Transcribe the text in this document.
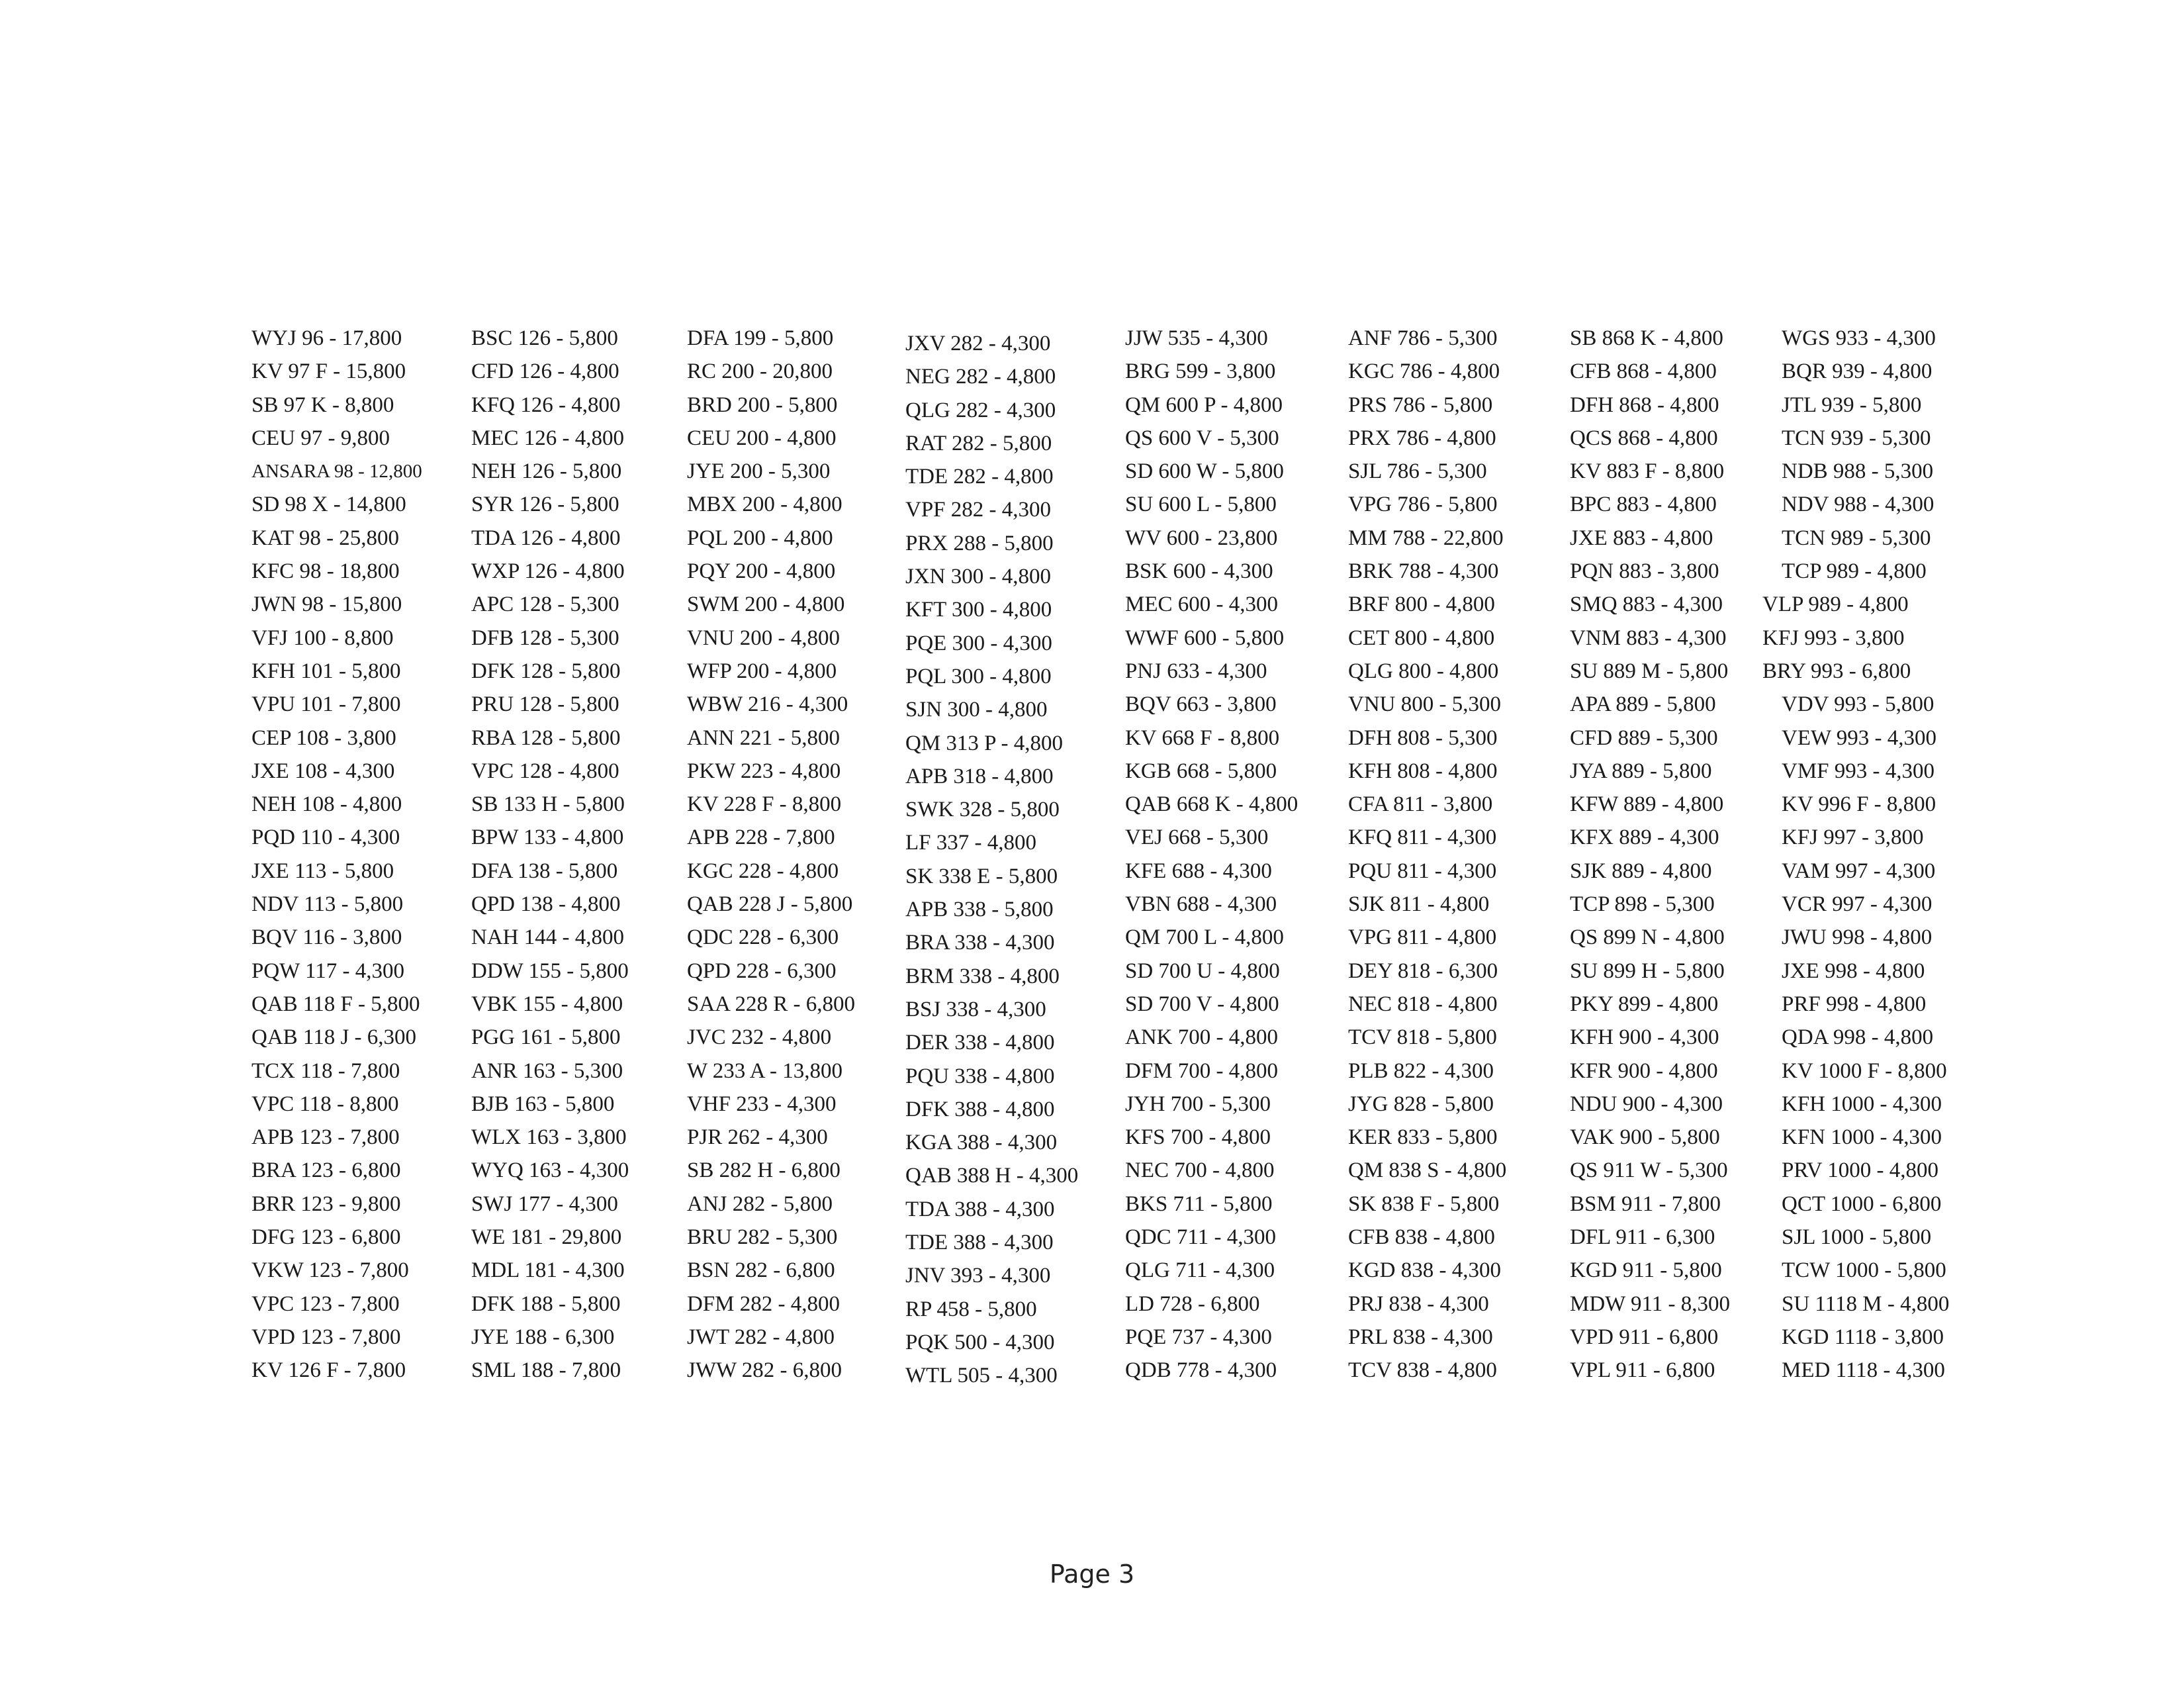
WYJ 96 - 17,800
KV 97 F - 15,800
SB 97 K - 8,800
CEU 97 - 9,800
ANSARA 98 - 12,800
SD 98 X - 14,800
KAT 98 - 25,800
KFC 98 - 18,800
JWN 98 - 15,800
VFJ 100 - 8,800
KFH 101 - 5,800
VPU 101 - 7,800
CEP 108 - 3,800
JXE 108 - 4,300
NEH 108 - 4,800
PQD 110 - 4,300
JXE 113 - 5,800
NDV 113 - 5,800
BQV 116 - 3,800
PQW 117 - 4,300
QAB 118 F - 5,800
QAB 118 J - 6,300
TCX 118 - 7,800
VPC 118 - 8,800
APB 123 - 7,800
BRA 123 - 6,800
BRR 123 - 9,800
DFG 123 - 6,800
VKW 123 - 7,800
VPC 123 - 7,800
VPD 123 - 7,800
KV 126 F - 7,800
BSC 126 - 5,800
CFD 126 - 4,800
KFQ 126 - 4,800
MEC 126 - 4,800
NEH 126 - 5,800
SYR 126 - 5,800
TDA 126 - 4,800
WXP 126 - 4,800
APC 128 - 5,300
DFB 128 - 5,300
DFK 128 - 5,800
PRU 128 - 5,800
RBA 128 - 5,800
VPC 128 - 4,800
SB 133 H - 5,800
BPW 133 - 4,800
DFA 138 - 5,800
QPD 138 - 4,800
NAH 144 - 4,800
DDW 155 - 5,800
VBK 155 - 4,800
PGG 161 - 5,800
ANR 163 - 5,300
BJB 163 - 5,800
WLX 163 - 3,800
WYQ 163 - 4,300
SWJ 177 - 4,300
WE 181 - 29,800
MDL 181 - 4,300
DFK 188 - 5,800
JYE 188 - 6,300
SML 188 - 7,800
DFA 199 - 5,800
RC 200 - 20,800
BRD 200 - 5,800
CEU 200 - 4,800
JYE 200 - 5,300
MBX 200 - 4,800
PQL 200 - 4,800
PQY 200 - 4,800
SWM 200 - 4,800
VNU 200 - 4,800
WFP 200 - 4,800
WBW 216 - 4,300
ANN 221 - 5,800
PKW 223 - 4,800
KV 228 F - 8,800
APB 228 - 7,800
KGC 228 - 4,800
QAB 228 J - 5,800
QDC 228 - 6,300
QPD 228 - 6,300
SAA 228 R - 6,800
JVC 232 - 4,800
W 233 A - 13,800
VHF 233 - 4,300
PJR 262 - 4,300
SB 282 H - 6,800
ANJ 282 - 5,800
BRU 282 - 5,300
BSN 282 - 6,800
DFM 282 - 4,800
JWT 282 - 4,800
JWW 282 - 6,800
JXV 282 - 4,300
NEG 282 - 4,800
QLG 282 - 4,300
RAT 282 - 5,800
TDE 282 - 4,800
VPF 282 - 4,300
PRX 288 - 5,800
JXN 300 - 4,800
KFT 300 - 4,800
PQE 300 - 4,300
PQL 300 - 4,800
SJN 300 - 4,800
QM 313 P - 4,800
APB 318 - 4,800
SWK 328 - 5,800
LF 337 - 4,800
SK 338 E - 5,800
APB 338 - 5,800
BRA 338 - 4,300
BRM 338 - 4,800
BSJ 338 - 4,300
DER 338 - 4,800
PQU 338 - 4,800
DFK 388 - 4,800
KGA 388 - 4,300
QAB 388 H - 4,300
TDA 388 - 4,300
TDE 388 - 4,300
JNV 393 - 4,300
RP 458 - 5,800
PQK 500 - 4,300
WTL 505 - 4,300
JJW 535 - 4,300
BRG 599 - 3,800
QM 600 P - 4,800
QS 600 V - 5,300
SD 600 W - 5,800
SU 600 L - 5,800
WV 600 - 23,800
BSK 600 - 4,300
MEC 600 - 4,300
WWF 600 - 5,800
PNJ 633 - 4,300
BQV 663 - 3,800
KV 668 F - 8,800
KGB 668 - 5,800
QAB 668 K - 4,800
VEJ 668 - 5,300
KFE 688 - 4,300
VBN 688 - 4,300
QM 700 L - 4,800
SD 700 U - 4,800
SD 700 V - 4,800
ANK 700 - 4,800
DFM 700 - 4,800
JYH 700 - 5,300
KFS 700 - 4,800
NEC 700 - 4,800
BKS 711 - 5,800
QDC 711 - 4,300
QLG 711 - 4,300
LD 728 - 6,800
PQE 737 - 4,300
QDB 778 - 4,300
ANF 786 - 5,300
KGC 786 - 4,800
PRS 786 - 5,800
PRX 786 - 4,800
SJL 786 - 5,300
VPG 786 - 5,800
MM 788 - 22,800
BRK 788 - 4,300
BRF 800 - 4,800
CET 800 - 4,800
QLG 800 - 4,800
VNU 800 - 5,300
DFH 808 - 5,300
KFH 808 - 4,800
CFA 811 - 3,800
KFQ 811 - 4,300
PQU 811 - 4,300
SJK 811 - 4,800
VPG 811 - 4,800
DEY 818 - 6,300
NEC 818 - 4,800
TCV 818 - 5,800
PLB 822 - 4,300
JYG 828 - 5,800
KER 833 - 5,800
QM 838 S - 4,800
SK 838 F - 5,800
CFB 838 - 4,800
KGD 838 - 4,300
PRJ 838 - 4,300
PRL 838 - 4,300
TCV 838 - 4,800
SB 868 K - 4,800
CFB 868 - 4,800
DFH 868 - 4,800
QCS 868 - 4,800
KV 883 F - 8,800
BPC 883 - 4,800
JXE 883 - 4,800
PQN 883 - 3,800
SMQ 883 - 4,300
VNM 883 - 4,300
SU 889 M - 5,800
APA 889 - 5,800
CFD 889 - 5,300
JYA 889 - 5,800
KFW 889 - 4,800
KFX 889 - 4,300
SJK 889 - 4,800
TCP 898 - 5,300
QS 899 N - 4,800
SU 899 H - 5,800
PKY 899 - 4,800
KFH 900 - 4,300
KFR 900 - 4,800
NDU 900 - 4,300
VAK 900 - 5,800
QS 911 W - 5,300
BSM 911 - 7,800
DFL 911 - 6,300
KGD 911 - 5,800
MDW 911 - 8,300
VPD 911 - 6,800
VPL 911 - 6,800
WGS 933 - 4,300
BQR 939 - 4,800
JTL 939 - 5,800
TCN 939 - 5,300
NDB 988 - 5,300
NDV 988 - 4,300
TCN 989 - 5,300
TCP 989 - 4,800
VLP 989 - 4,800
KFJ 993 - 3,800
BRY 993 - 6,800
VDV 993 - 5,800
VEW 993 - 4,300
VMF 993 - 4,300
KV 996 F - 8,800
KFJ 997 - 3,800
VAM 997 - 4,300
VCR 997 - 4,300
JWU 998 - 4,800
JXE 998 - 4,800
PRF 998 - 4,800
QDA 998 - 4,800
KV 1000 F - 8,800
KFH 1000 - 4,300
KFN 1000 - 4,300
PRV 1000 - 4,800
QCT 1000 - 6,800
SJL 1000 - 5,800
TCW 1000 - 5,800
SU 1118 M - 4,800
KGD 1118 - 3,800
MED 1118 - 4,300
Page 3
